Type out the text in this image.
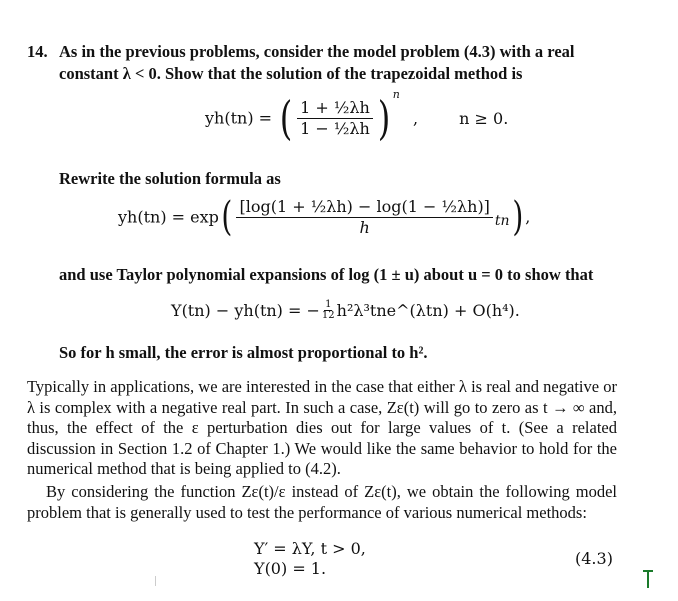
14. As in the previous problems, consider the model problem (4.3) with a real
constant λ < 0. Show that the solution of the trapezoidal method is
yh(tn) = ( $\frac{\text{1 + ½λh}}{\text{1 − ½λh}}$ ) $^n$ ,	n ≥ 0.
Rewrite the solution formula as
$yh(tn) = \exp( \frac{\text{[log(1 + ½λh) − log(1 − ½λh)]}}{h} tn)$ ,
and use Taylor polynomial expansions of log (1 ± u) about u = 0 to show that
Y(tn) − yh(tn) = − $\frac{1}{12}$ h²λ³tne^(λtn) + O(h⁴).
So for h small, the error is almost proportional to h².
Typically in applications, we are interested in the case that either λ is real and negative or λ is complex with a negative real part. In such a case, Zε(t) will go to zero as t → ∞ and, thus, the effect of the ε perturbation dies out for large values of t. (See a related discussion in Section 1.2 of Chapter 1.) We would like the same behavior to hold for the numerical method that is being applied to (4.2).
By considering the function Zε(t)/ε instead of Zε(t), we obtain the following model problem that is generally used to test the performance of various numerical methods:
Y′ = λY, t > 0,
Y(0) = 1.
(4.3)
